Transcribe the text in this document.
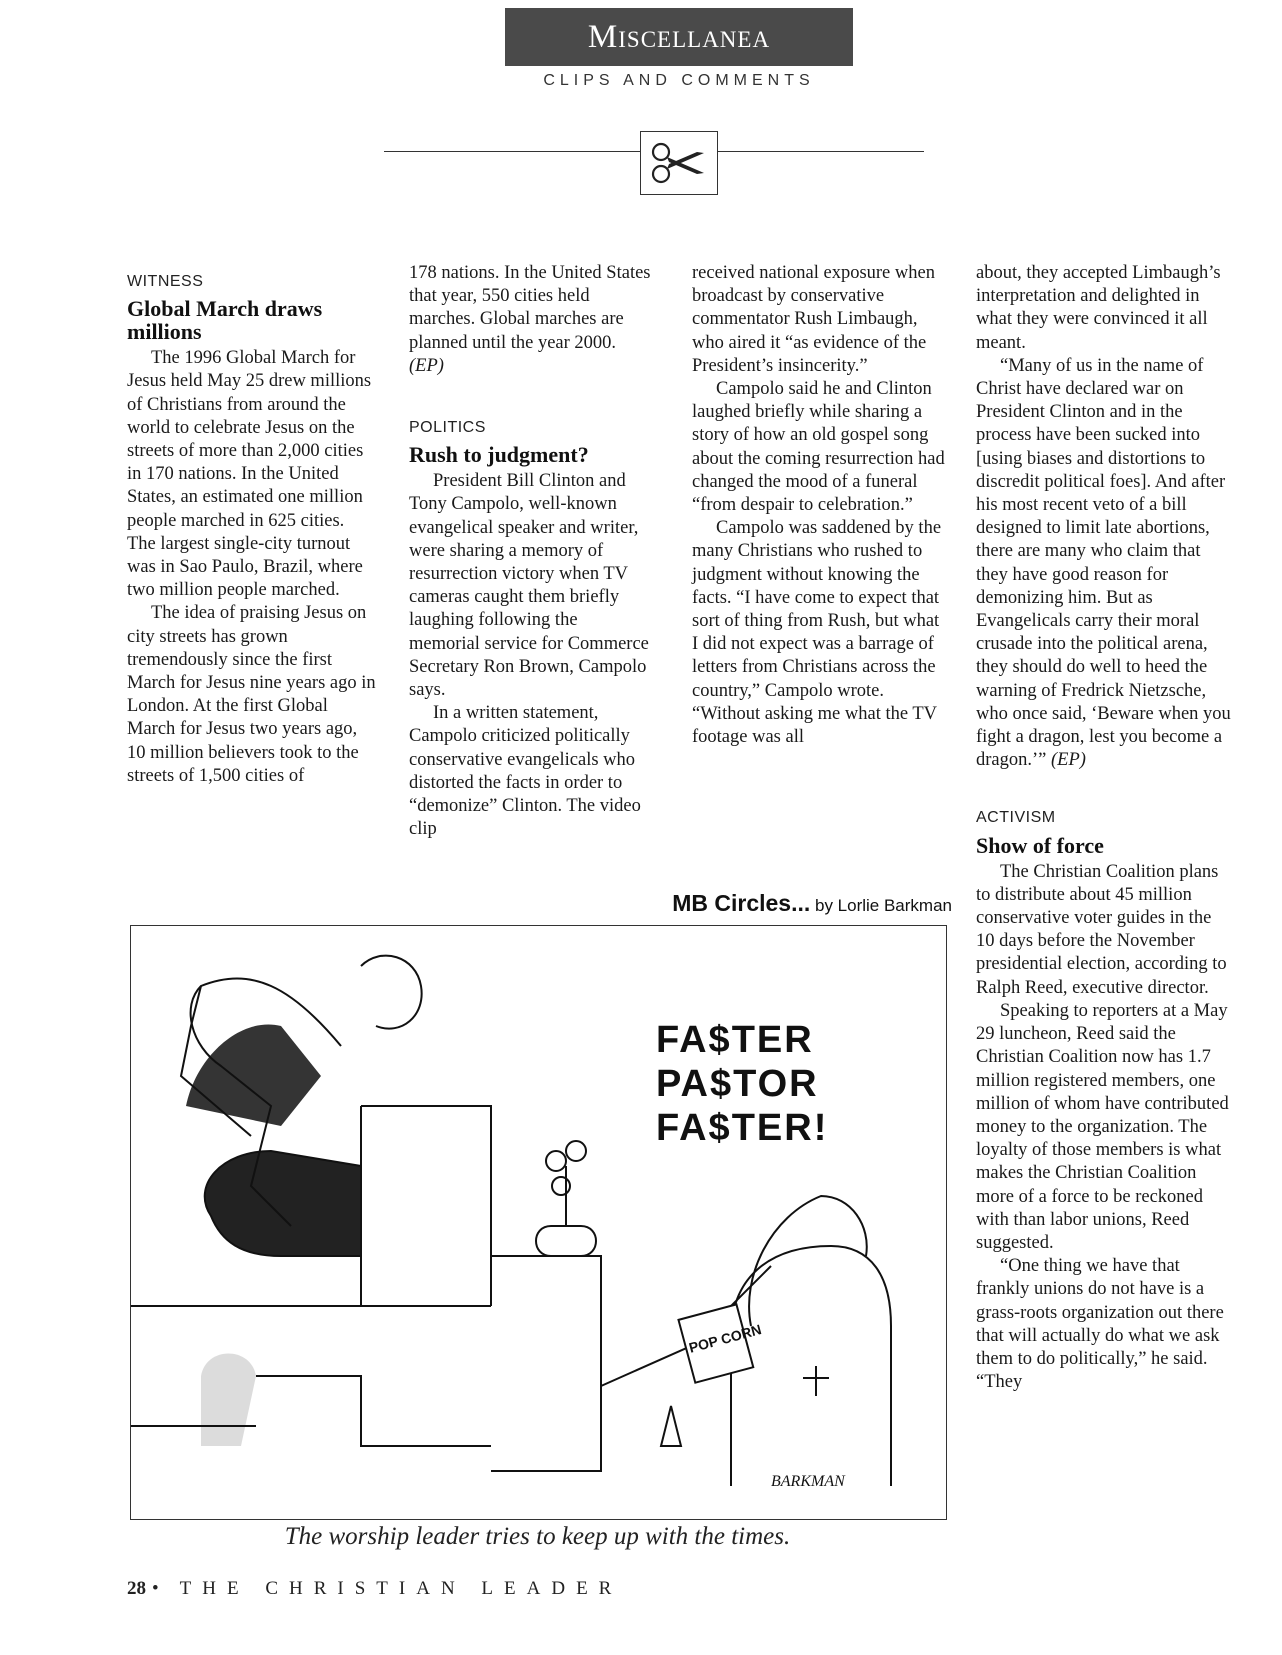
Miscellanea
CLIPS AND COMMENTS
WITNESS
Global March draws millions

The 1996 Global March for Jesus held May 25 drew millions of Christians from around the world to celebrate Jesus on the streets of more than 2,000 cities in 170 nations. In the United States, an estimated one million people marched in 625 cities. The largest single-city turnout was in Sao Paulo, Brazil, where two million people marched.

The idea of praising Jesus on city streets has grown tremendously since the first March for Jesus nine years ago in London. At the first Global March for Jesus two years ago, 10 million believers took to the streets of 1,500 cities of

178 nations. In the United States that year, 550 cities held marches. Global marches are planned until the year 2000. (EP)

POLITICS
Rush to judgment?

President Bill Clinton and Tony Campolo, well-known evangelical speaker and writer, were sharing a memory of resurrection victory when TV cameras caught them briefly laughing following the memorial service for Commerce Secretary Ron Brown, Campolo says.

In a written statement, Campolo criticized politically conservative evangelicals who distorted the facts in order to “demonize” Clinton. The video clip

received national exposure when broadcast by conservative commentator Rush Limbaugh, who aired it “as evidence of the President’s insincerity.”

Campolo said he and Clinton laughed briefly while sharing a story of how an old gospel song about the coming resurrection had changed the mood of a funeral “from despair to celebration.”

Campolo was saddened by the many Christians who rushed to judgment without knowing the facts. “I have come to expect that sort of thing from Rush, but what I did not expect was a barrage of letters from Christians across the country,” Campolo wrote. “Without asking me what the TV footage was all

about, they accepted Limbaugh’s interpretation and delighted in what they were convinced it all meant.

“Many of us in the name of Christ have declared war on President Clinton and in the process have been sucked into [using biases and distortions to discredit political foes]. And after his most recent veto of a bill designed to limit late abortions, there are many who claim that they have good reason for demonizing him. But as Evangelicals carry their moral crusade into the political arena, they should do well to heed the warning of Fredrick Nietzsche, who once said, ‘Beware when you fight a dragon, lest you become a dragon.’” (EP)

ACTIVISM
Show of force

The Christian Coalition plans to distribute about 45 million conservative voter guides in the 10 days before the November presidential election, according to Ralph Reed, executive director.

Speaking to reporters at a May 29 luncheon, Reed said the Christian Coalition now has 1.7 million registered members, one million of whom have contributed money to the organization. The loyalty of those members is what makes the Christian Coalition more of a force to be reckoned with than labor unions, Reed suggested.

“One thing we have that frankly unions do not have is a grass-roots organization out there that will actually do what we ask them to do politically,” he said. “They

MB Circles... by Lorlie Barkman
POP CORN
BARKMAN
FA$TER
PA$TOR
FA$TER!
The worship leader tries to keep up with the times.
28 • THE CHRISTIAN LEADER
